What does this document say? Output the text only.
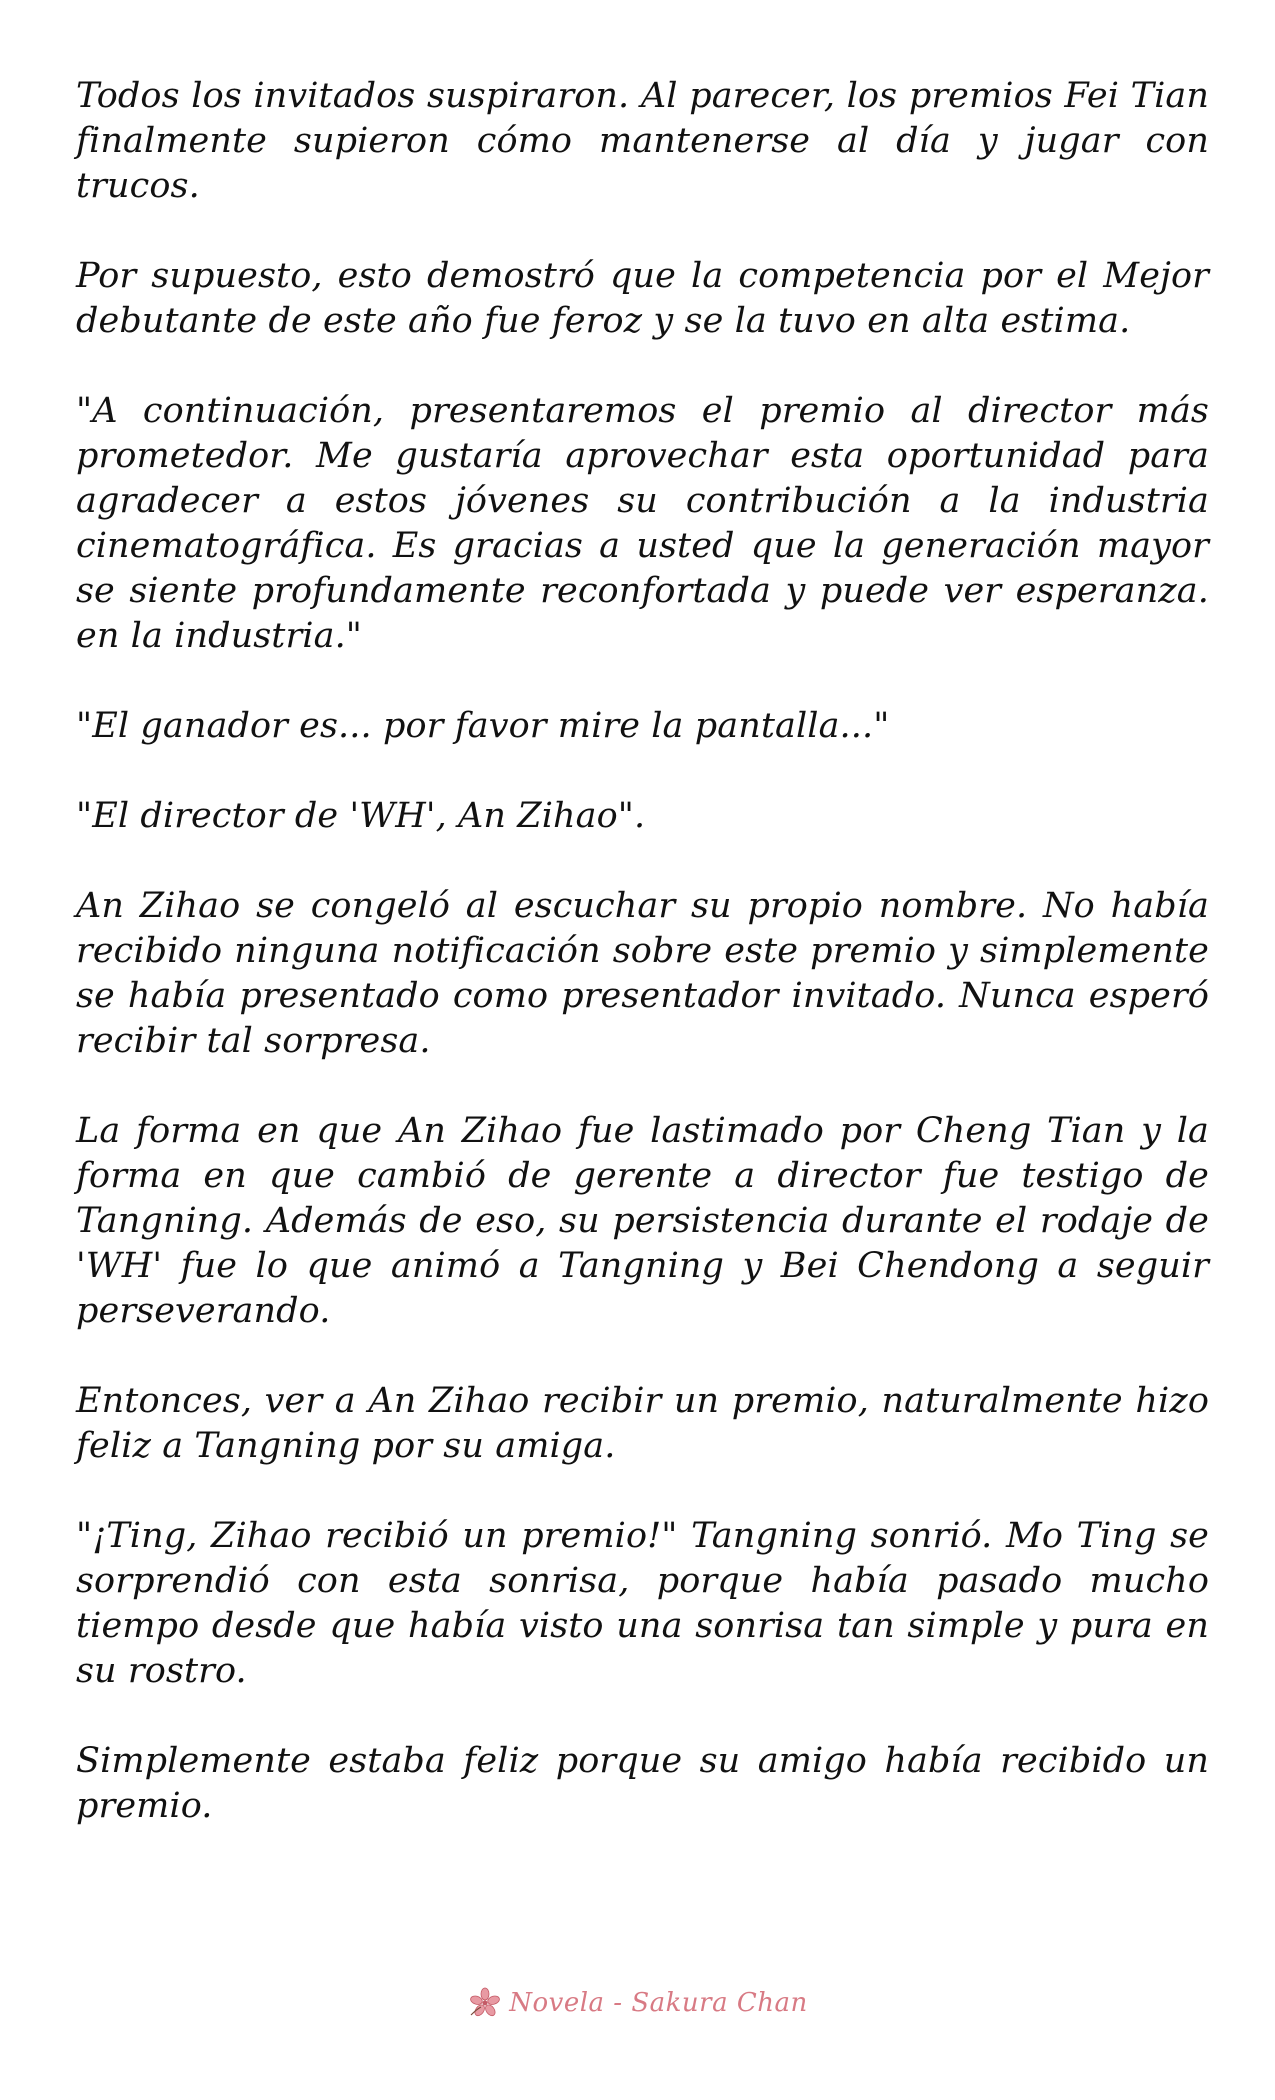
Todos los invitados suspiraron. Al parecer, los premios Fei Tian finalmente supieron cómo mantenerse al día y jugar con trucos.

Por supuesto, esto demostró que la competencia por el Mejor debutante de este año fue feroz y se la tuvo en alta estima.

"A continuación, presentaremos el premio al director más prometedor. Me gustaría aprovechar esta oportunidad para agradecer a estos jóvenes su contribución a la industria cinematográfica. Es gracias a usted que la generación mayor se siente profundamente reconfortada y puede ver esperanza. en la industria."

"El ganador es... por favor mire la pantalla..."

"El director de 'WH', An Zihao".

An Zihao se congeló al escuchar su propio nombre. No había recibido ninguna notificación sobre este premio y simplemente se había presentado como presentador invitado. Nunca esperó recibir tal sorpresa.

La forma en que An Zihao fue lastimado por Cheng Tian y la forma en que cambió de gerente a director fue testigo de Tangning. Además de eso, su persistencia durante el rodaje de 'WH' fue lo que animó a Tangning y Bei Chendong a seguir perseverando.

Entonces, ver a An Zihao recibir un premio, naturalmente hizo feliz a Tangning por su amiga.

"¡Ting, Zihao recibió un premio!" Tangning sonrió. Mo Ting se sorprendió con esta sonrisa, porque había pasado mucho tiempo desde que había visto una sonrisa tan simple y pura en su rostro.

Simplemente estaba feliz porque su amigo había recibido un premio.

Novela - Sakura Chan
